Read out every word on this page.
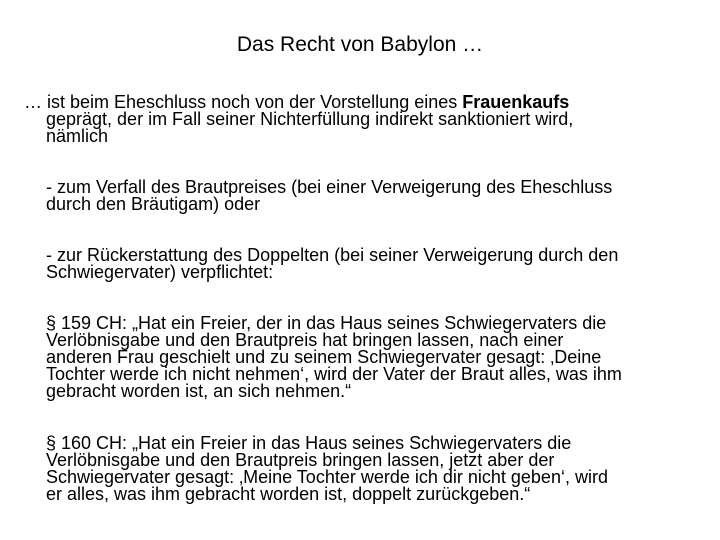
Das Recht von Babylon …
… ist beim Eheschluss noch von der Vorstellung eines Frauenkaufs
geprägt, der im Fall seiner Nichterfüllung indirekt sanktioniert wird,
nämlich
- zum Verfall des Brautpreises (bei einer Verweigerung des Eheschluss
durch den Bräutigam) oder
- zur Rückerstattung des Doppelten (bei seiner Verweigerung durch den
Schwiegervater) verpflichtet:
§ 159 CH: „Hat ein Freier, der in das Haus seines Schwiegervaters die
Verlöbnisgabe und den Brautpreis hat bringen lassen, nach einer
anderen Frau geschielt und zu seinem Schwiegervater gesagt: ‚Deine
Tochter werde ich nicht nehmen‘, wird der Vater der Braut alles, was ihm
gebracht worden ist, an sich nehmen.“
§ 160 CH: „Hat ein Freier in das Haus seines Schwiegervaters die
Verlöbnisgabe und den Brautpreis bringen lassen, jetzt aber der
Schwiegervater gesagt: ‚Meine Tochter werde ich dir nicht geben‘, wird
er alles, was ihm gebracht worden ist, doppelt zurückgeben.“
